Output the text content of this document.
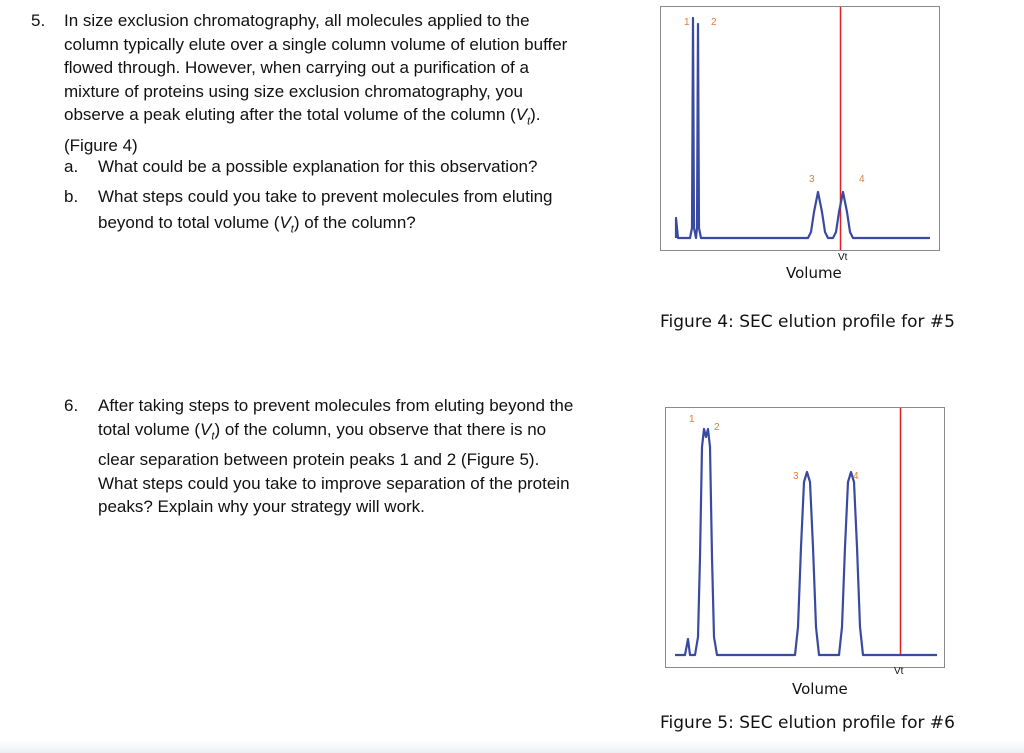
5. In size exclusion chromatography, all molecules applied to the
column typically elute over a single column volume of elution buffer
flowed through. However, when carrying out a purification of a
mixture of proteins using size exclusion chromatography, you
observe a peak eluting after the total volume of the column $(V_t)$.
(Figure 4)
a. What could be a possible explanation for this observation?
b. What steps could you take to prevent molecules from eluting
beyond to total volume $(V_t)$ of the column?
6. After taking steps to prevent molecules from eluting beyond the
total volume $(V_t)$ of the column, you observe that there is no
clear separation between protein peaks 1 and 2 (Figure 5).
What steps could you take to improve separation of the protein
peaks? Explain why your strategy will work.
1 2
3	4
Vt
Volume
Figure 4: SEC elution profile for #5
1
2
3	4
Vt
Volume
Figure 5: SEC elution profile for #6
